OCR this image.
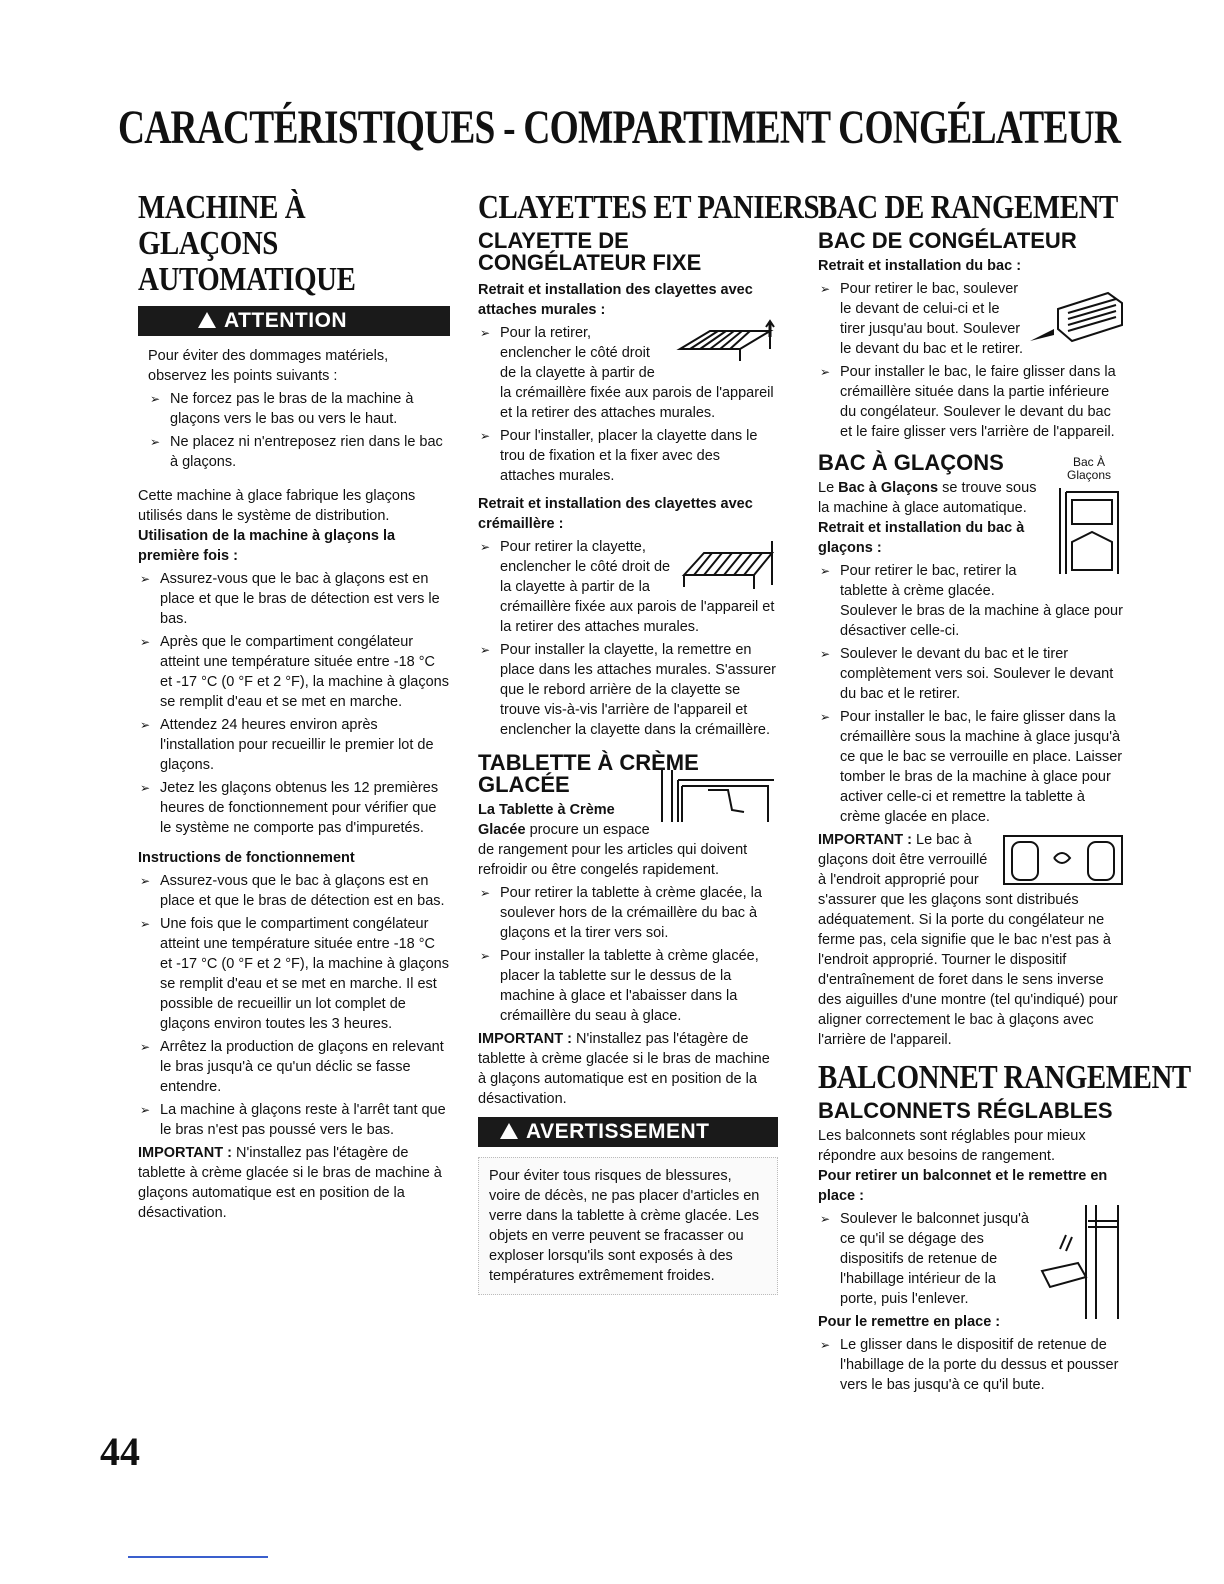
CARACTÉRISTIQUES - COMPARTIMENT CONGÉLATEUR
MACHINE À GLAÇONS AUTOMATIQUE
ATTENTION

Pour éviter des dommages matériels, observez les points suivants :

➢ Ne forcez pas le bras de la machine à glaçons vers le bas ou vers le haut.
➢ Ne placez ni n'entreposez rien dans le bac à glaçons.

Cette machine à glace fabrique les glaçons utilisés dans le système de distribution.

Utilisation de la machine à glaçons la première fois :

➢ Assurez-vous que le bac à glaçons est en place et que le bras de détection est vers le bas.
➢ Après que le compartiment congélateur atteint une température située entre -18 °C et -17 °C (0 °F et 2 °F), la machine à glaçons se remplit d'eau et se met en marche.
➢ Attendez 24 heures environ après l'installation pour recueillir le premier lot de glaçons.
➢ Jetez les glaçons obtenus les 12 premières heures de fonctionnement pour vérifier que le système ne comporte pas d'impuretés.

Instructions de fonctionnement

➢ Assurez-vous que le bac à glaçons est en place et que le bras de détection est en bas.
➢ Une fois que le compartiment congélateur atteint une température située entre -18 °C et -17 °C (0 °F et 2 °F), la machine à glaçons se remplit d'eau et se met en marche. Il est possible de recueillir un lot complet de glaçons environ toutes les 3 heures.
➢ Arrêtez la production de glaçons en relevant le bras jusqu'à ce qu'un déclic se fasse entendre.
➢ La machine à glaçons reste à l'arrêt tant que le bras n'est pas poussé vers le bas.

IMPORTANT : N'installez pas l'étagère de tablette à crème glacée si le bras de machine à glaçons automatique est en position de la désactivation.

CLAYETTES ET PANIERS
CLAYETTE DE CONGÉLATEUR FIXE

Retrait et installation des clayettes avec attaches murales :

➢ Pour la retirer, enclencher le côté droit de la clayette à partir de la crémaillère fixée aux parois de l'appareil et la retirer des attaches murales.
➢ Pour l'installer, placer la clayette dans le trou de fixation et la fixer avec des attaches murales.

Retrait et installation des clayettes avec crémaillère :

➢ Pour retirer la clayette, enclencher le côté droit de la clayette à partir de la crémaillère fixée aux parois de l'appareil et la retirer des attaches murales.
➢ Pour installer la clayette, la remettre en place dans les attaches murales. S'assurer que le rebord arrière de la clayette se trouve vis-à-vis l'arrière de l'appareil et enclencher la clayette dans la crémaillère.
TABLETTE À CRÈME GLACÉE

La Tablette à Crème Glacée procure un espace de rangement pour les articles qui doivent refroidir ou être congelés rapidement.

➢ Pour retirer la tablette à crème glacée, la soulever hors de la crémaillère du bac à glaçons et la tirer vers soi.
➢ Pour installer la tablette à crème glacée, placer la tablette sur le dessus de la machine à glace et l'abaisser dans la crémaillère du seau à glace.

IMPORTANT : N'installez pas l'étagère de tablette à crème glacée si le bras de machine à glaçons automatique est en position de la désactivation.

AVERTISSEMENT
Pour éviter tous risques de blessures, voire de décès, ne pas placer d'articles en verre dans la tablette à crème glacée. Les objets en verre peuvent se fracasser ou exploser lorsqu'ils sont exposés à des températures extrêmement froides.
BAC DE RANGEMENT
BAC DE CONGÉLATEUR

Retrait et installation du bac :

➢ Pour retirer le bac, soulever le devant de celui-ci et le tirer jusqu'au bout. Soulever le devant du bac et le retirer.
➢ Pour installer le bac, le faire glisser dans la crémaillère située dans la partie inférieure du congélateur. Soulever le devant du bac et le faire glisser vers l'arrière de l'appareil.
BAC À GLAÇONS	Bac À Glaçons

Le Bac à Glaçons se trouve sous la machine à glace automatique.

Retrait et installation du bac à glaçons :

➢ Pour retirer le bac, retirer la tablette à crème glacée. Soulever le bras de la machine à glace pour désactiver celle-ci.
➢ Soulever le devant du bac et le tirer complètement vers soi. Soulever le devant du bac et le retirer.
➢ Pour installer le bac, le faire glisser dans la crémaillère sous la machine à glace jusqu'à ce que le bac se verrouille en place. Laisser tomber le bras de la machine à glace pour activer celle-ci et remettre la tablette à crème glacée en place.

IMPORTANT : Le bac à glaçons doit être verrouillé à l'endroit approprié pour s'assurer que les glaçons sont distribués adéquatement. Si la porte du congélateur ne ferme pas, cela signifie que le bac n'est pas à l'endroit approprié. Tourner le dispositif d'entraînement de foret dans le sens inverse des aiguilles d'une montre (tel qu'indiqué) pour aligner correctement le bac à glaçons avec l'arrière de l'appareil.

BALCONNET RANGEMENT
BALCONNETS RÉGLABLES

Les balconnets sont réglables pour mieux répondre aux besoins de rangement.

Pour retirer un balconnet et le remettre en place :

➢ Soulever le balconnet jusqu'à ce qu'il se dégage des dispositifs de retenue de l'habillage intérieur de la porte, puis l'enlever.

Pour le remettre en place :

➢ Le glisser dans le dispositif de retenue de l'habillage de la porte du dessus et pousser vers le bas jusqu'à ce qu'il bute.
44
